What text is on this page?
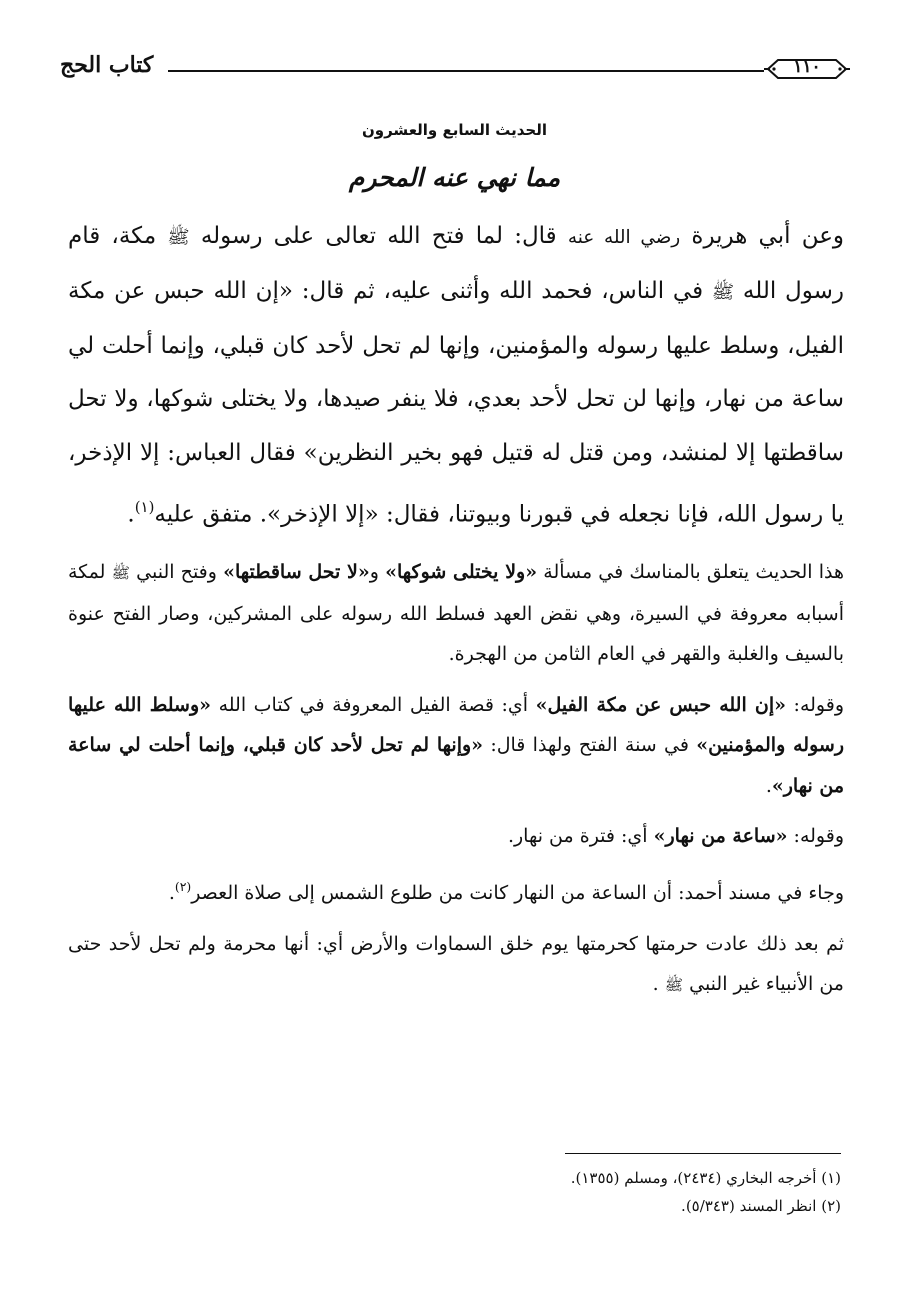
كتاب الحج	١١٠
الحديث السابع والعشرون
مما نهي عنه المحرم

وعن أبي هريرة رضي الله عنه قال: لما فتح الله تعالى على رسوله ﷺ مكة، قام رسول الله ﷺ في الناس، فحمد الله وأثنى عليه، ثم قال: «إن الله حبس عن مكة الفيل، وسلط عليها رسوله والمؤمنين، وإنها لم تحل لأحد كان قبلي، وإنما أحلت لي ساعة من نهار، وإنها لن تحل لأحد بعدي، فلا ينفر صيدها، ولا يختلى شوكها، ولا تحل ساقطتها إلا لمنشد، ومن قتل له قتيل فهو بخير النظرين» فقال العباس: إلا الإذخر، يا رسول الله، فإنا نجعله في قبورنا وبيوتنا، فقال: «إلا الإذخر». متفق عليه$^{(١)}$.

هذا الحديث يتعلق بالمناسك في مسألة «ولا يختلى شوكها» و«لا تحل ساقطتها» وفتح النبي ﷺ لمكة أسبابه معروفة في السيرة، وهي نقض العهد فسلط الله رسوله على المشركين، وصار الفتح عنوة بالسيف والغلبة والقهر في العام الثامن من الهجرة.

وقوله: «إن الله حبس عن مكة الفيل» أي: قصة الفيل المعروفة في كتاب الله «وسلط الله عليها رسوله والمؤمنين» في سنة الفتح ولهذا قال: «وإنها لم تحل لأحد كان قبلي، وإنما أحلت لي ساعة من نهار».

وقوله: «ساعة من نهار» أي: فترة من نهار.

وجاء في مسند أحمد: أن الساعة من النهار كانت من طلوع الشمس إلى صلاة العصر$^{(٢)}$.

ثم بعد ذلك عادت حرمتها كحرمتها يوم خلق السماوات والأرض أي: أنها محرمة ولم تحل لأحد حتى من الأنبياء غير النبي ﷺ .

(١) أخرجه البخاري (٢٤٣٤)، ومسلم (١٣٥٥).
(٢) انظر المسند (٥/٣٤٣).
